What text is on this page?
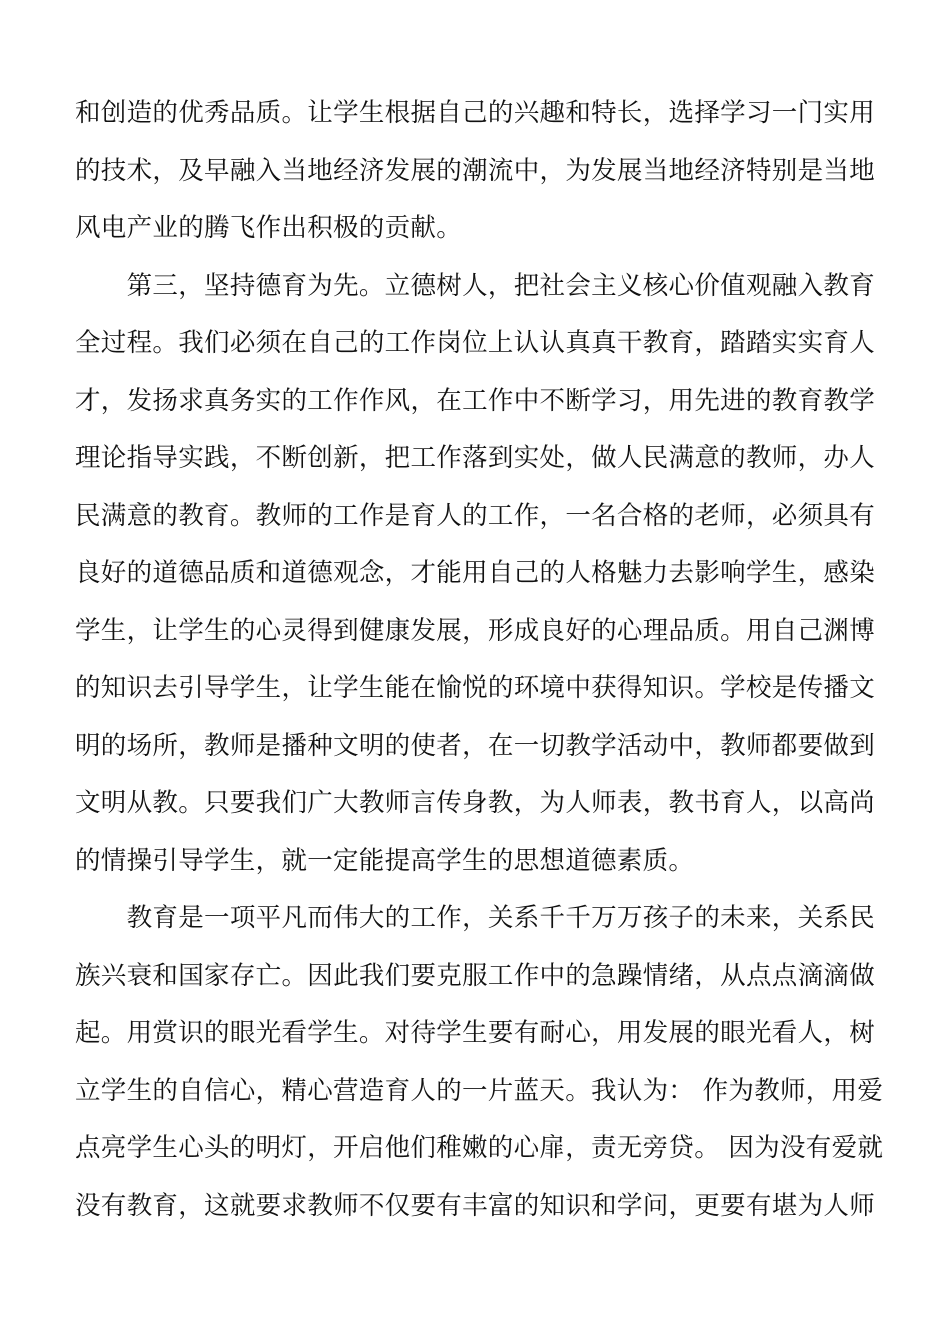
和创造的优秀品质。让学生根据自己的兴趣和特长，选择学习一门实用
的技术，及早融入当地经济发展的潮流中，为发展当地经济特别是当地
风电产业的腾飞作出积极的贡献。
　　第三，坚持德育为先。立德树人，把社会主义核心价值观融入教育
全过程。我们必须在自己的工作岗位上认认真真干教育，踏踏实实育人
才，发扬求真务实的工作作风，在工作中不断学习，用先进的教育教学
理论指导实践，不断创新，把工作落到实处，做人民满意的教师，办人
民满意的教育。教师的工作是育人的工作，一名合格的老师，必须具有
良好的道德品质和道德观念，才能用自己的人格魅力去影响学生，感染
学生，让学生的心灵得到健康发展，形成良好的心理品质。用自己渊博
的知识去引导学生，让学生能在愉悦的环境中获得知识。学校是传播文
明的场所，教师是播种文明的使者，在一切教学活动中，教师都要做到
文明从教。只要我们广大教师言传身教，为人师表，教书育人，以高尚
的情操引导学生，就一定能提高学生的思想道德素质。
　　教育是一项平凡而伟大的工作，关系千千万万孩子的未来，关系民
族兴衰和国家存亡。因此我们要克服工作中的急躁情绪，从点点滴滴做
起。用赏识的眼光看学生。对待学生要有耐心，用发展的眼光看人，树
立学生的自信心，精心营造育人的一片蓝天。我认为： 作为教师，用爱
点亮学生心头的明灯，开启他们稚嫩的心扉，责无旁贷。 因为没有爱就
没有教育，这就要求教师不仅要有丰富的知识和学问，更要有堪为人师
